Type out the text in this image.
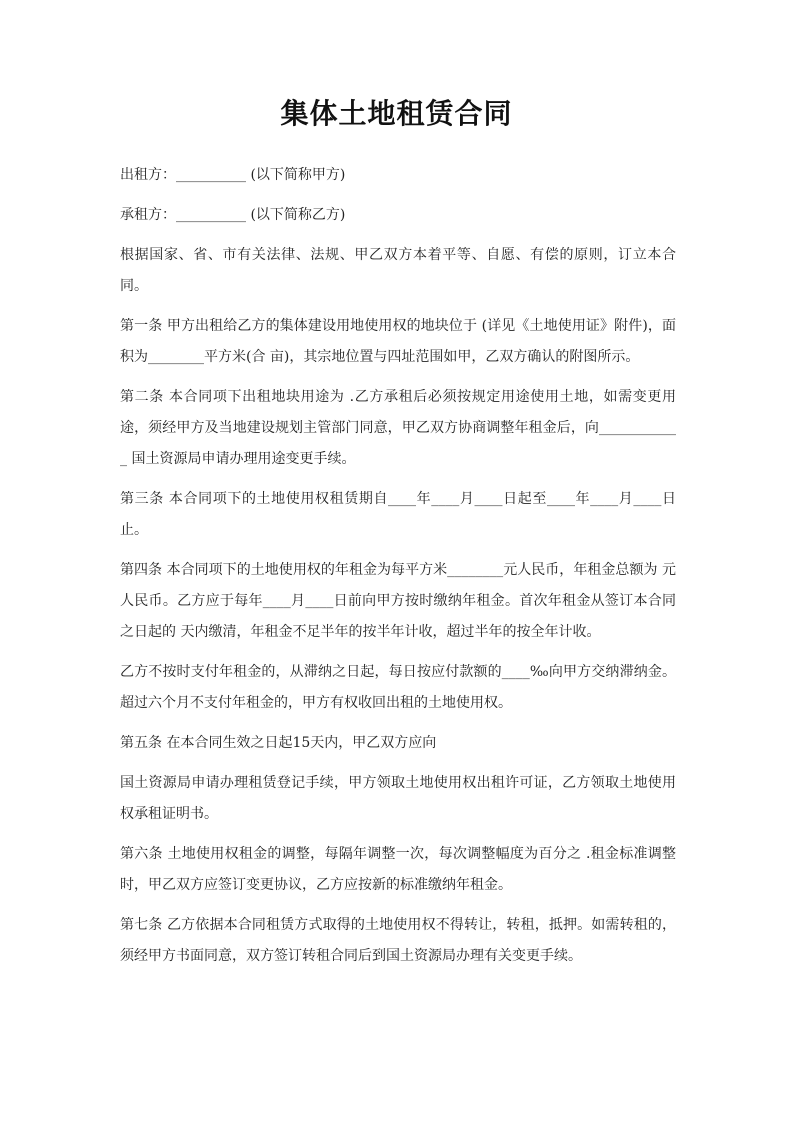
集体土地租赁合同

出租方：__________ (以下简称甲方)

承租方：__________ (以下简称乙方)

根据国家、省、市有关法律、法规、甲乙双方本着平等、自愿、有偿的原则，订立本合同。

第一条 甲方出租给乙方的集体建设用地使用权的地块位于 (详见《土地使用证》附件)，面积为________平方米(合 亩)，其宗地位置与四址范围如甲，乙双方确认的附图所示。

第二条 本合同项下出租地块用途为 .乙方承租后必须按规定用途使用土地，如需变更用途，须经甲方及当地建设规划主管部门同意，甲乙双方协商调整年租金后，向____________ 国土资源局申请办理用途变更手续。

第三条 本合同项下的土地使用权租赁期自____年____月____日起至____年____月____日止。

第四条 本合同项下的土地使用权的年租金为每平方米________元人民币，年租金总额为 元人民币。乙方应于每年____月____日前向甲方按时缴纳年租金。首次年租金从签订本合同之日起的 天内缴清，年租金不足半年的按半年计收，超过半年的按全年计收。

乙方不按时支付年租金的，从滞纳之日起，每日按应付款额的____‰向甲方交纳滞纳金。超过六个月不支付年租金的，甲方有权收回出租的土地使用权。

第五条 在本合同生效之日起15天内，甲乙双方应向

国土资源局申请办理租赁登记手续，甲方领取土地使用权出租许可证，乙方领取土地使用权承租证明书。

第六条 土地使用权租金的调整，每隔年调整一次，每次调整幅度为百分之 .租金标准调整时，甲乙双方应签订变更协议，乙方应按新的标准缴纳年租金。

第七条 乙方依据本合同租赁方式取得的土地使用权不得转让，转租，抵押。如需转租的，须经甲方书面同意，双方签订转租合同后到国土资源局办理有关变更手续。
